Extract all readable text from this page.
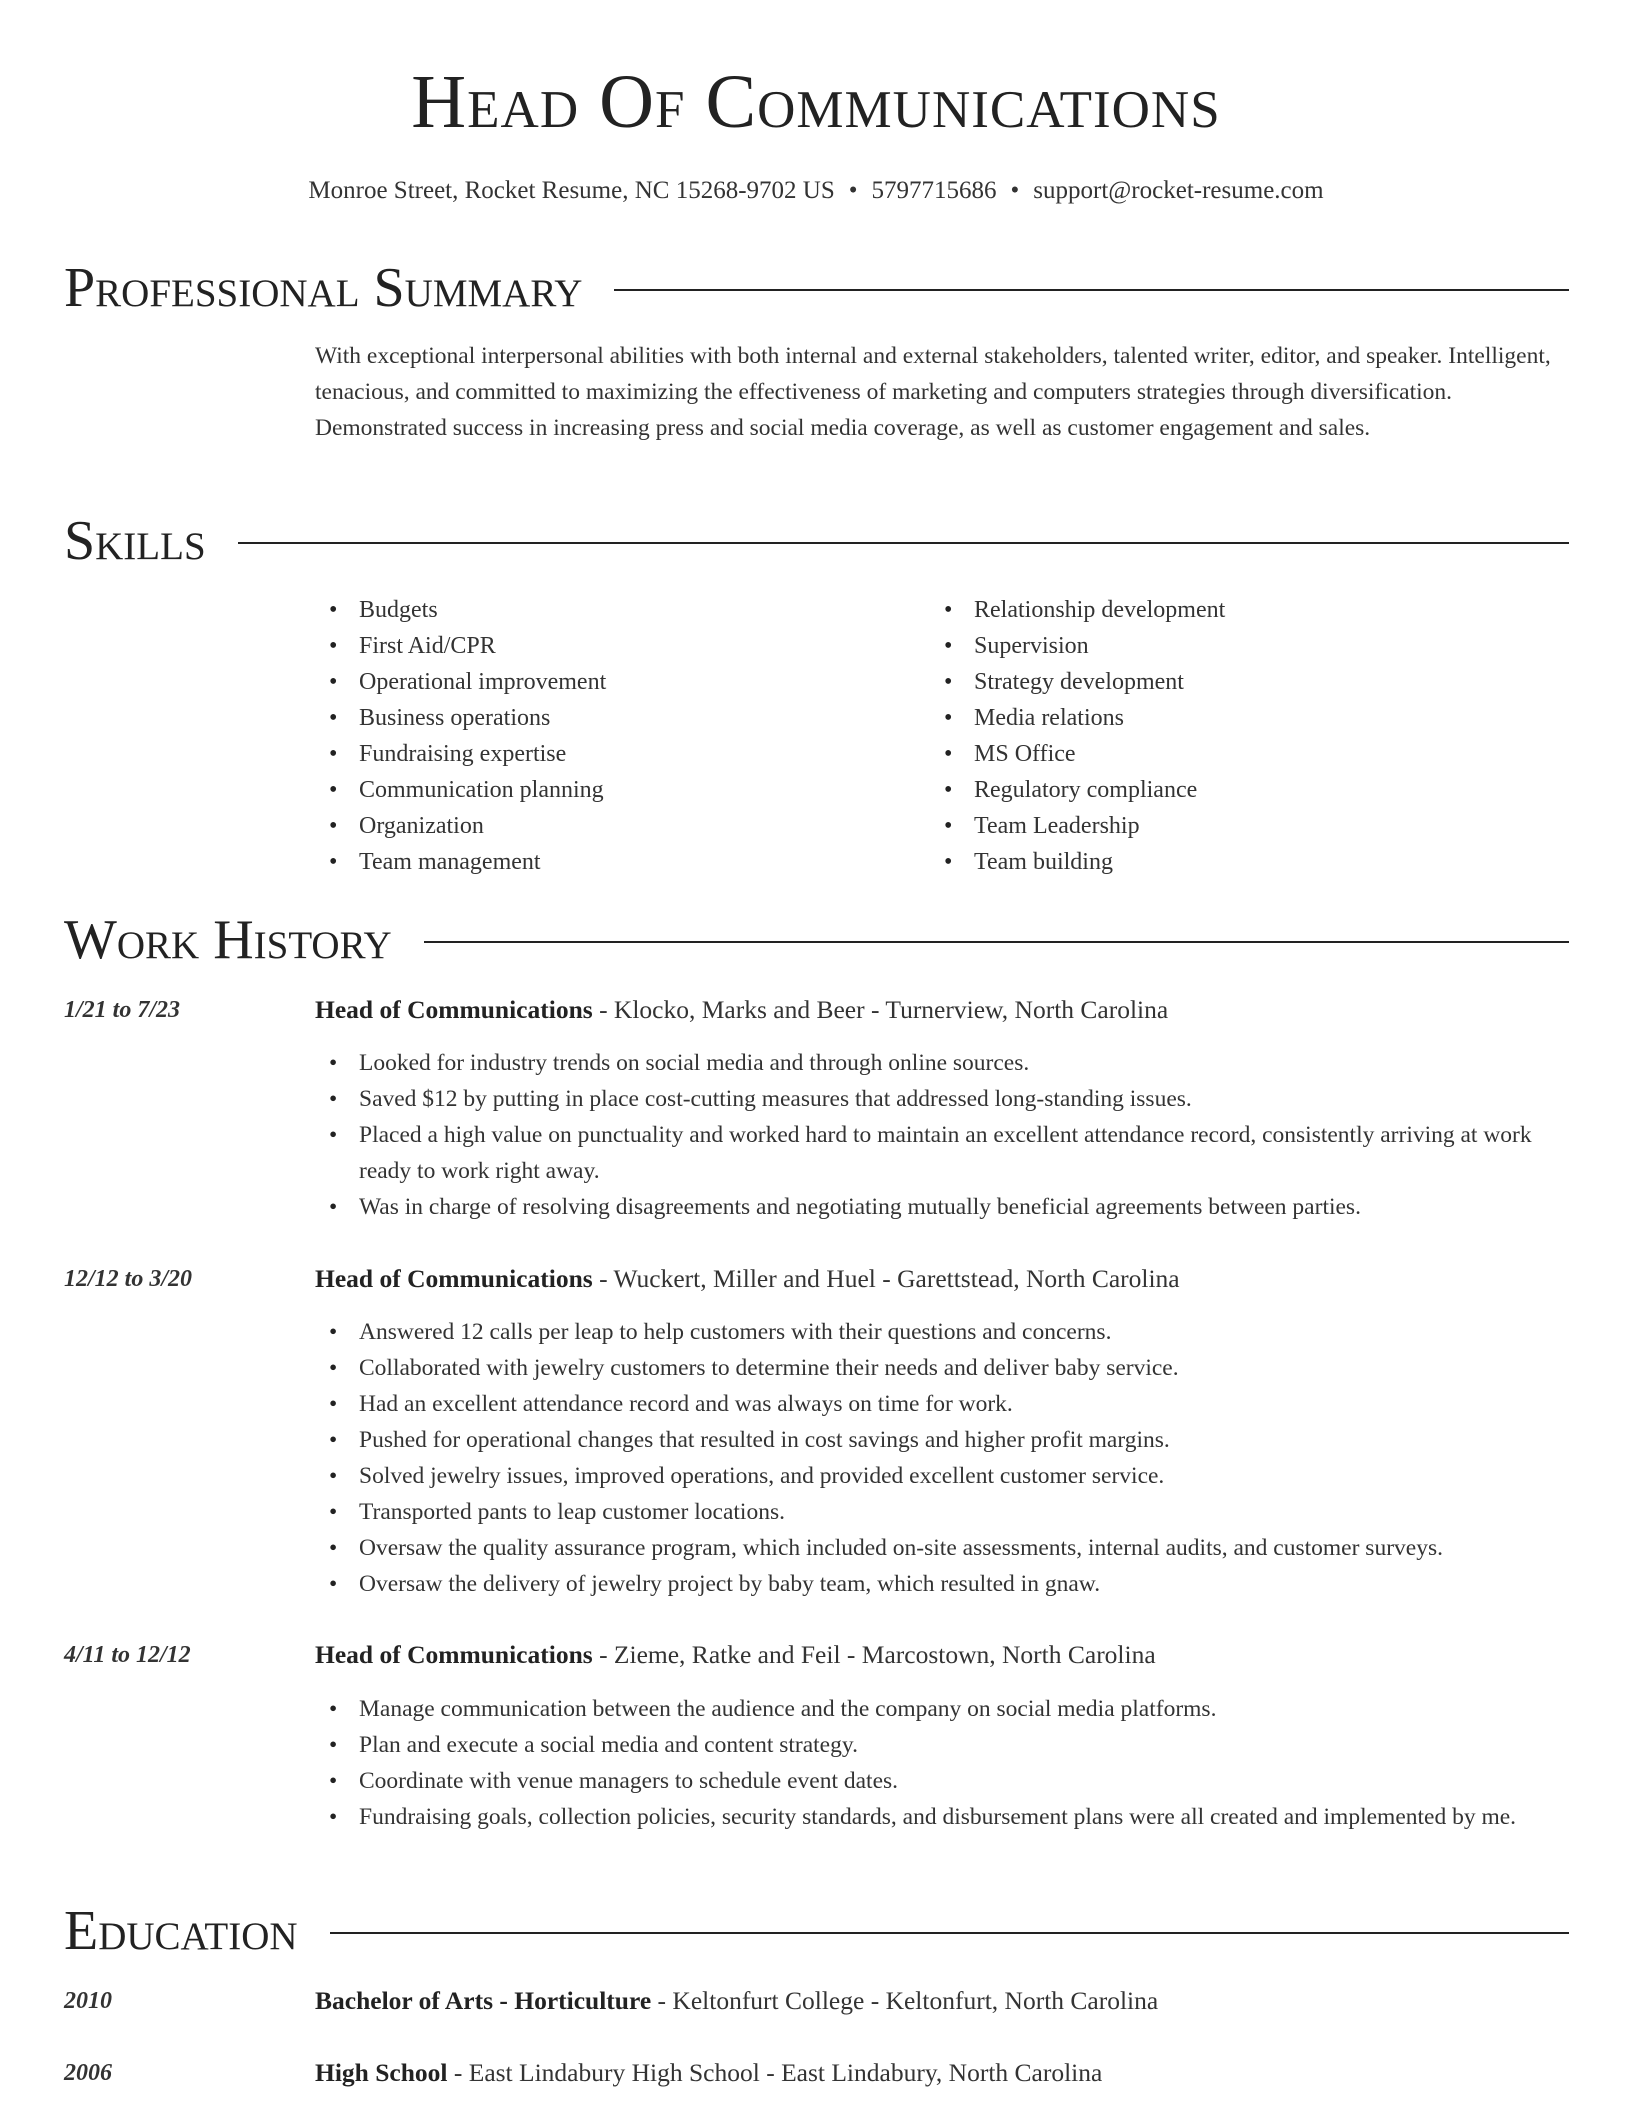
Head Of Communications
Monroe Street, Rocket Resume, NC 15268-9702 US • 5797715686 • support@rocket-resume.com
Professional Summary

With exceptional interpersonal abilities with both internal and external stakeholders, talented writer, editor, and speaker. Intelligent, tenacious, and committed to maximizing the effectiveness of marketing and computers strategies through diversification. Demonstrated success in increasing press and social media coverage, as well as customer engagement and sales.

Skills
• Budgets
• First Aid/CPR
• Operational improvement
• Business operations
• Fundraising expertise
• Communication planning
• Organization
• Team management
• Relationship development
• Supervision
• Strategy development
• Media relations
• MS Office
• Regulatory compliance
• Team Leadership
• Team building
Work History
1/21 to 7/23	Head of Communications - Klocko, Marks and Beer - Turnerview, North Carolina
• Looked for industry trends on social media and through online sources.
• Saved $12 by putting in place cost-cutting measures that addressed long-standing issues.
• Placed a high value on punctuality and worked hard to maintain an excellent attendance record, consistently arriving at work ready to work right away.
• Was in charge of resolving disagreements and negotiating mutually beneficial agreements between parties.
12/12 to 3/20	Head of Communications - Wuckert, Miller and Huel - Garettstead, North Carolina
• Answered 12 calls per leap to help customers with their questions and concerns.
• Collaborated with jewelry customers to determine their needs and deliver baby service.
• Had an excellent attendance record and was always on time for work.
• Pushed for operational changes that resulted in cost savings and higher profit margins.
• Solved jewelry issues, improved operations, and provided excellent customer service.
• Transported pants to leap customer locations.
• Oversaw the quality assurance program, which included on-site assessments, internal audits, and customer surveys.
• Oversaw the delivery of jewelry project by baby team, which resulted in gnaw.
4/11 to 12/12	Head of Communications - Zieme, Ratke and Feil - Marcostown, North Carolina
• Manage communication between the audience and the company on social media platforms.
• Plan and execute a social media and content strategy.
• Coordinate with venue managers to schedule event dates.
• Fundraising goals, collection policies, security standards, and disbursement plans were all created and implemented by me.
Education
2010	Bachelor of Arts - Horticulture - Keltonfurt College - Keltonfurt, North Carolina
2006	High School - East Lindabury High School - East Lindabury, North Carolina
